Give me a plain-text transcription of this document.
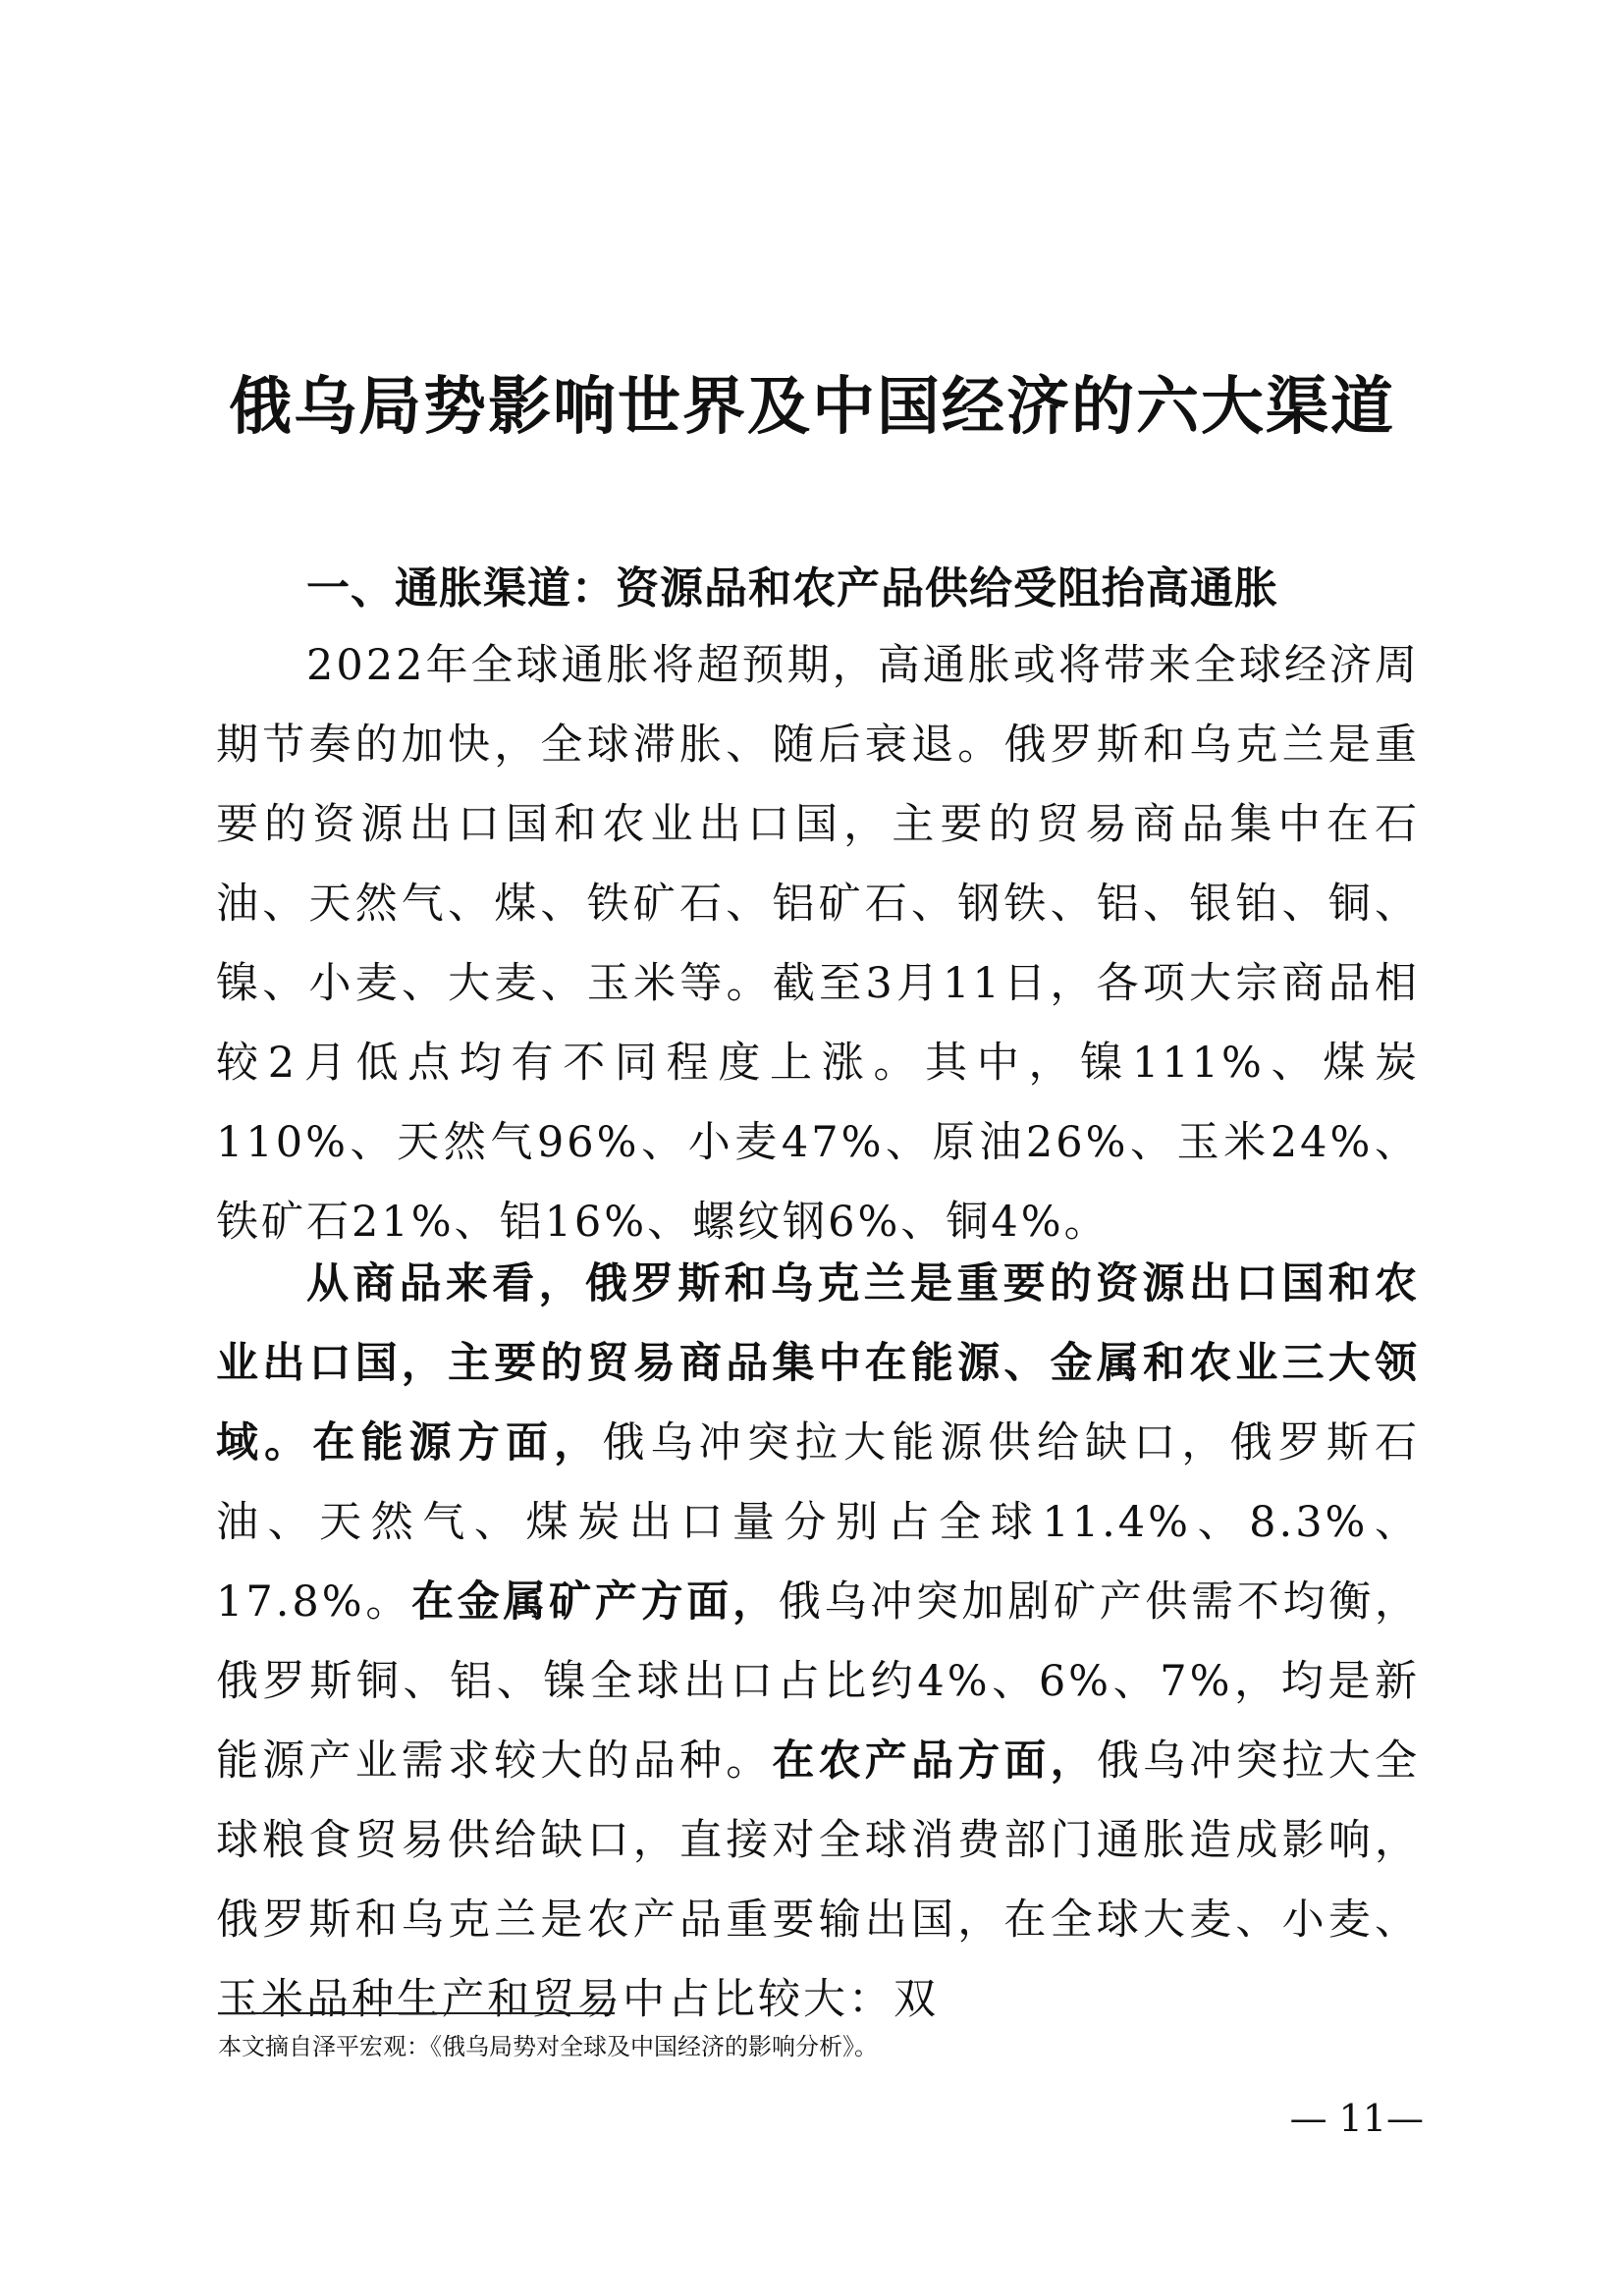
俄乌局势影响世界及中国经济的六大渠道
一、通胀渠道：资源品和农产品供给受阻抬高通胀

2022年全球通胀将超预期，高通胀或将带来全球经济周期节奏的加快，全球滞胀、随后衰退。俄罗斯和乌克兰是重要的资源出口国和农业出口国，主要的贸易商品集中在石油、天然气、煤、铁矿石、铝矿石、钢铁、铝、银铂、铜、镍、小麦、大麦、玉米等。截至3月11日，各项大宗商品相较2月低点均有不同程度上涨。其中，镍111%、煤炭110%、天然气96%、小麦47%、原油26%、玉米24%、铁矿石21%、铝16%、螺纹钢6%、铜4%。

从商品来看，俄罗斯和乌克兰是重要的资源出口国和农业出口国，主要的贸易商品集中在能源、金属和农业三大领域。在能源方面，俄乌冲突拉大能源供给缺口，俄罗斯石油、天然气、煤炭出口量分别占全球11.4%、8.3%、17.8%。在金属矿产方面，俄乌冲突加剧矿产供需不均衡，俄罗斯铜、铝、镍全球出口占比约4%、6%、7%，均是新能源产业需求较大的品种。在农产品方面，俄乌冲突拉大全球粮食贸易供给缺口，直接对全球消费部门通胀造成影响，俄罗斯和乌克兰是农产品重要输出国，在全球大麦、小麦、玉米品种生产和贸易中占比较大：双

本文摘自泽平宏观：《俄乌局势对全球及中国经济的影响分析》。

— 11—
